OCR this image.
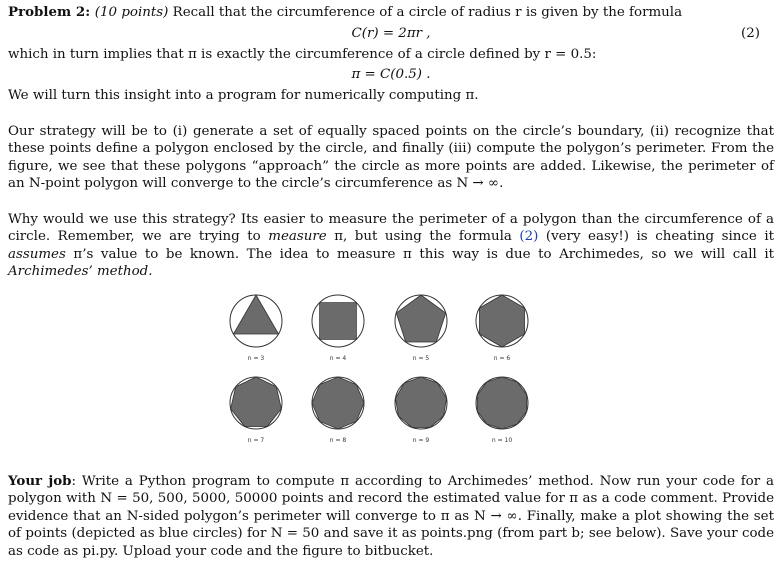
Problem 2: (10 points) Recall that the circumference of a circle of radius r is given by the formula

C(r) = 2πr ,	(2)

which in turn implies that π is exactly the circumference of a circle defined by r = 0.5:

π = C(0.5) .

We will turn this insight into a program for numerically computing π.

Our strategy will be to (i) generate a set of equally spaced points on the circle’s boundary, (ii) recognize that these points define a polygon enclosed by the circle, and finally (iii) compute the polygon’s perimeter. From the figure, we see that these polygons “approach” the circle as more points are added. Likewise, the perimeter of an N-point polygon will converge to the circle’s circumference as N → ∞.

Why would we use this strategy? Its easier to measure the perimeter of a polygon than the circumference of a circle. Remember, we are trying to measure π, but using the formula (2) (very easy!) is cheating since it assumes π’s value to be known. The idea to measure π this way is due to Archimedes, so we will call it Archimedes’ method.

n = 3	n = 4	n = 5	n = 6
n = 7	n = 8	n = 9	n = 10

Your job: Write a Python program to compute π according to Archimedes’ method. Now run your code for a polygon with N = 50, 500, 5000, 50000 points and record the estimated value for π as a code comment. Provide evidence that an N-sided polygon’s perimeter will converge to π as N → ∞. Finally, make a plot showing the set of points (depicted as blue circles) for N = 50 and save it as points.png (from part b; see below). Save your code as code as pi.py. Upload your code and the figure to bitbucket.
